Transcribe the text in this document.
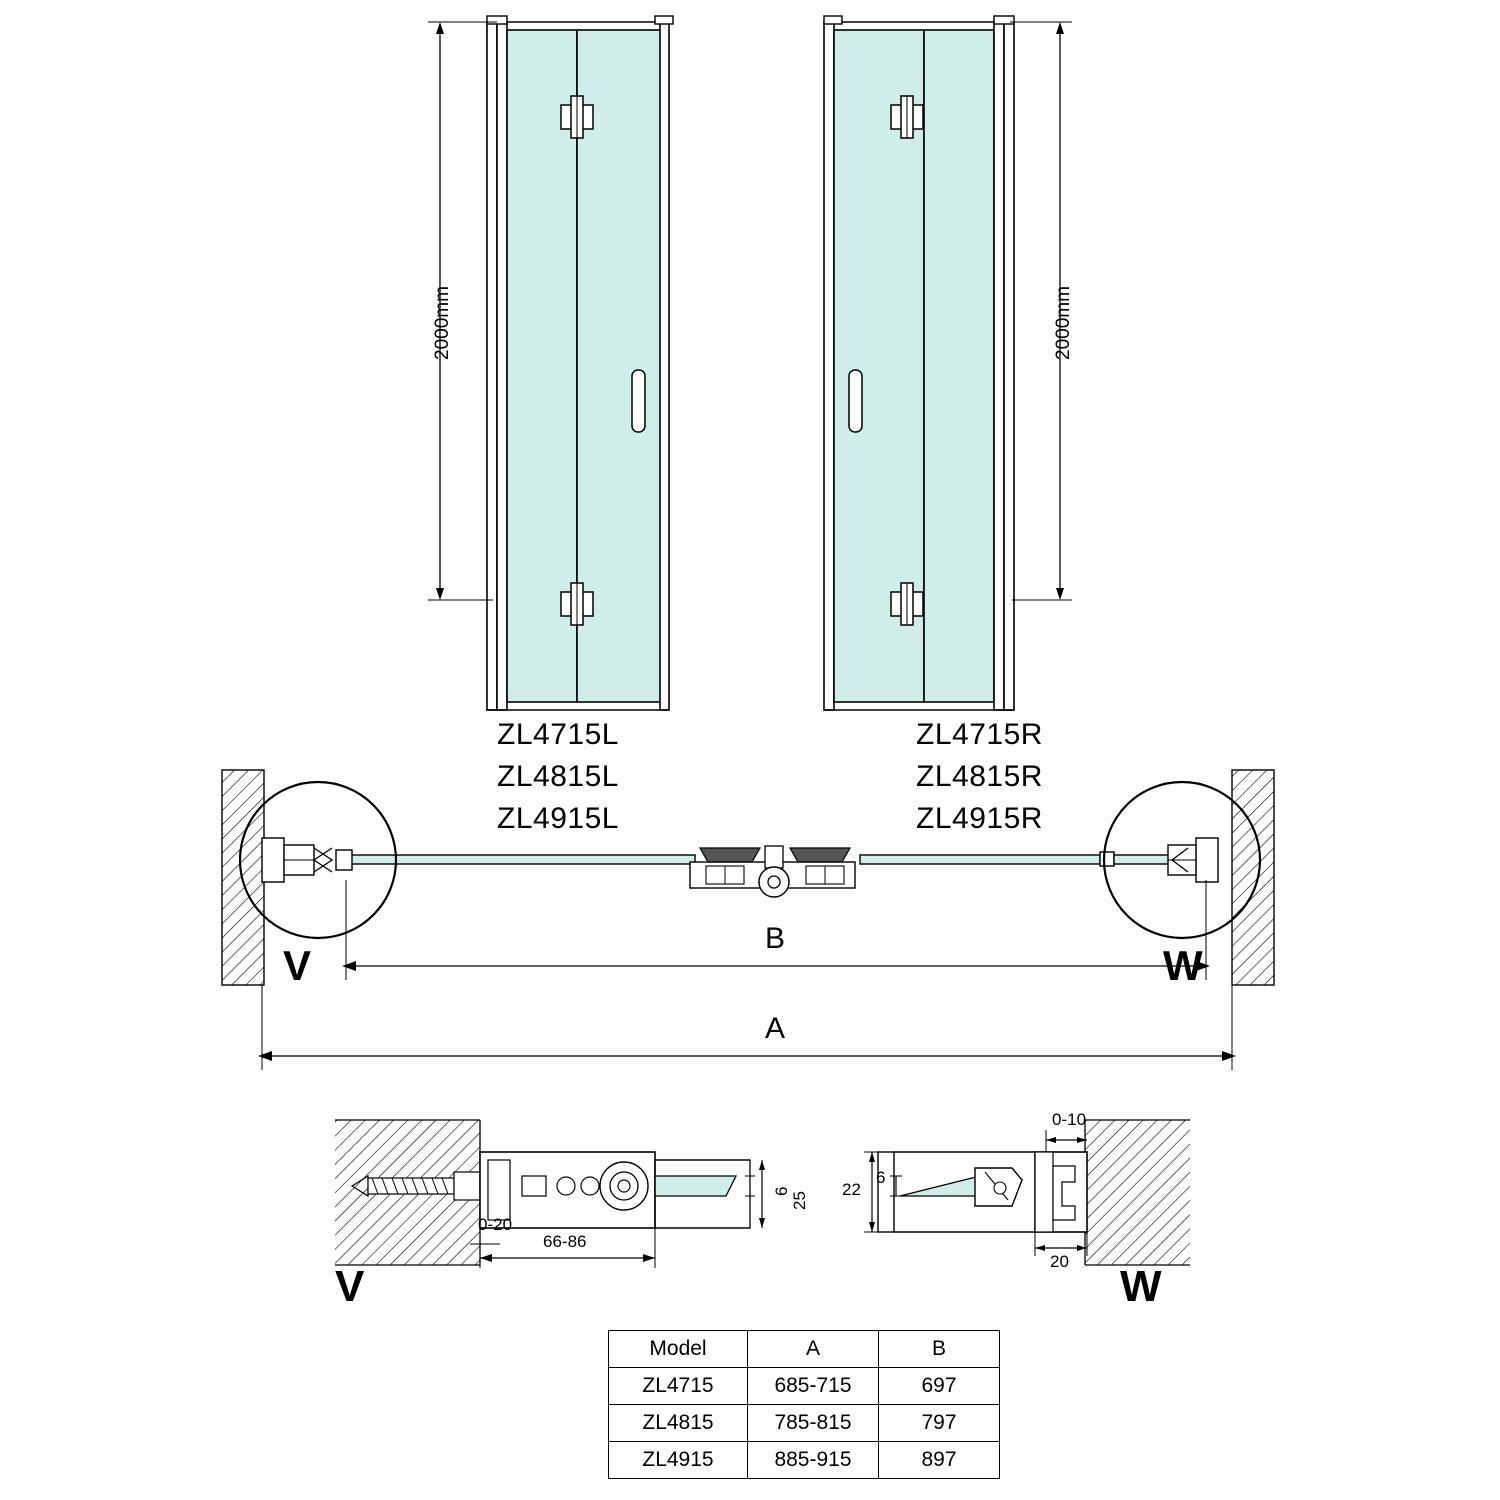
2000mm	2000mm
ZL4715L
ZL4815L
ZL4915L
ZL4715R
ZL4815R
ZL4915R
V	W
B
A
V
0-20
66-86
6 25
W
0-10
22
6
20
Model	A	B
ZL4715	685-715	697
ZL4815	785-815	797
ZL4915	885-915	897
